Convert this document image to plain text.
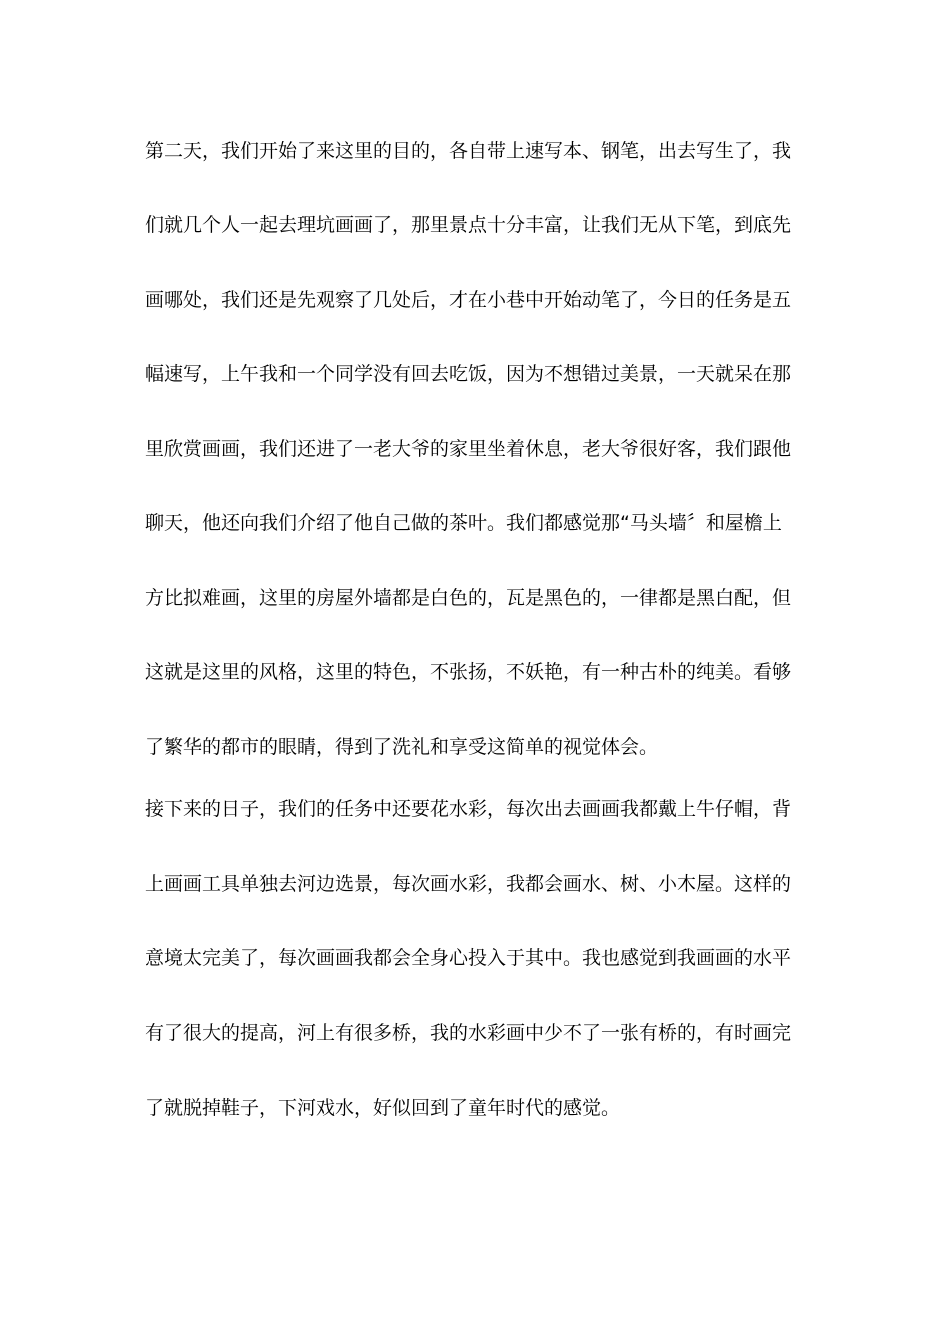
第二天，我们开始了来这里的目的，各自带上速写本、钢笔，出去写生了，我
们就几个人一起去理坑画画了，那里景点十分丰富，让我们无从下笔，到底先
画哪处，我们还是先观察了几处后，才在小巷中开始动笔了，今日的任务是五
幅速写，上午我和一个同学没有回去吃饭，因为不想错过美景，一天就呆在那
里欣赏画画，我们还进了一老大爷的家里坐着休息，老大爷很好客，我们跟他
聊天，他还向我们介绍了他自己做的茶叶。我们都感觉那“马头墙〞和屋檐上
方比拟难画，这里的房屋外墙都是白色的，瓦是黑色的，一律都是黑白配，但
这就是这里的风格，这里的特色，不张扬，不妖艳，有一种古朴的纯美。看够
了繁华的都市的眼睛，得到了洗礼和享受这简单的视觉体会。
接下来的日子，我们的任务中还要花水彩，每次出去画画我都戴上牛仔帽，背
上画画工具单独去河边选景，每次画水彩，我都会画水、树、小木屋。这样的
意境太完美了，每次画画我都会全身心投入于其中。我也感觉到我画画的水平
有了很大的提高，河上有很多桥，我的水彩画中少不了一张有桥的，有时画完
了就脱掉鞋子，下河戏水，好似回到了童年时代的感觉。
